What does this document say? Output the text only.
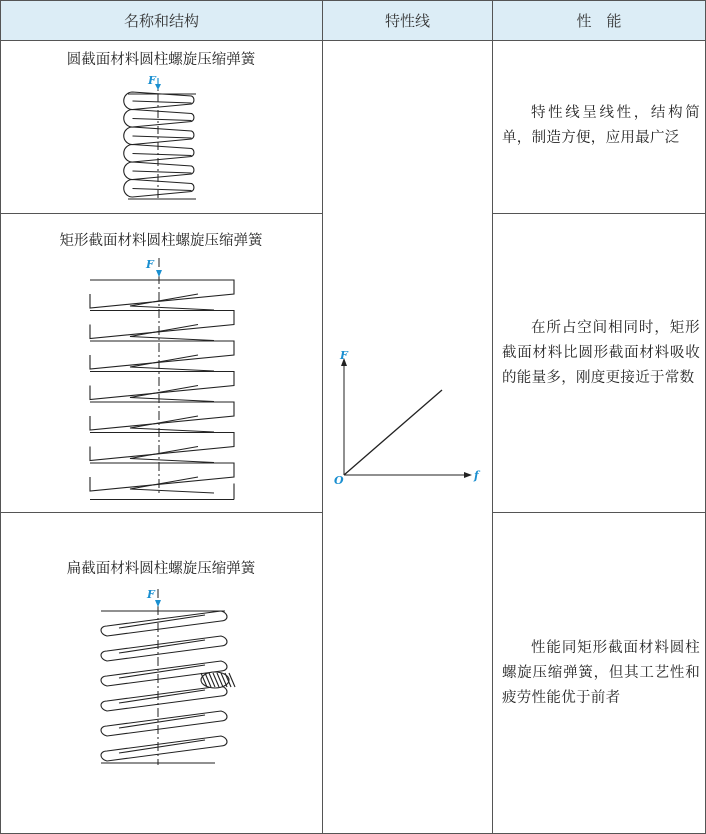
名称和结构	特性线	性　能
圆截面材料圆柱螺旋压缩弹簧
F
特性线呈线性，结构简单，制造方便，应用最广泛
矩形截面材料圆柱螺旋压缩弹簧
F
在所占空间相同时，矩形截面材料比圆形截面材料吸收的能量多，刚度更接近于常数
扁截面材料圆柱螺旋压缩弹簧
F
性能同矩形截面材料圆柱螺旋压缩弹簧，但其工艺性和疲劳性能优于前者
F
f
O
